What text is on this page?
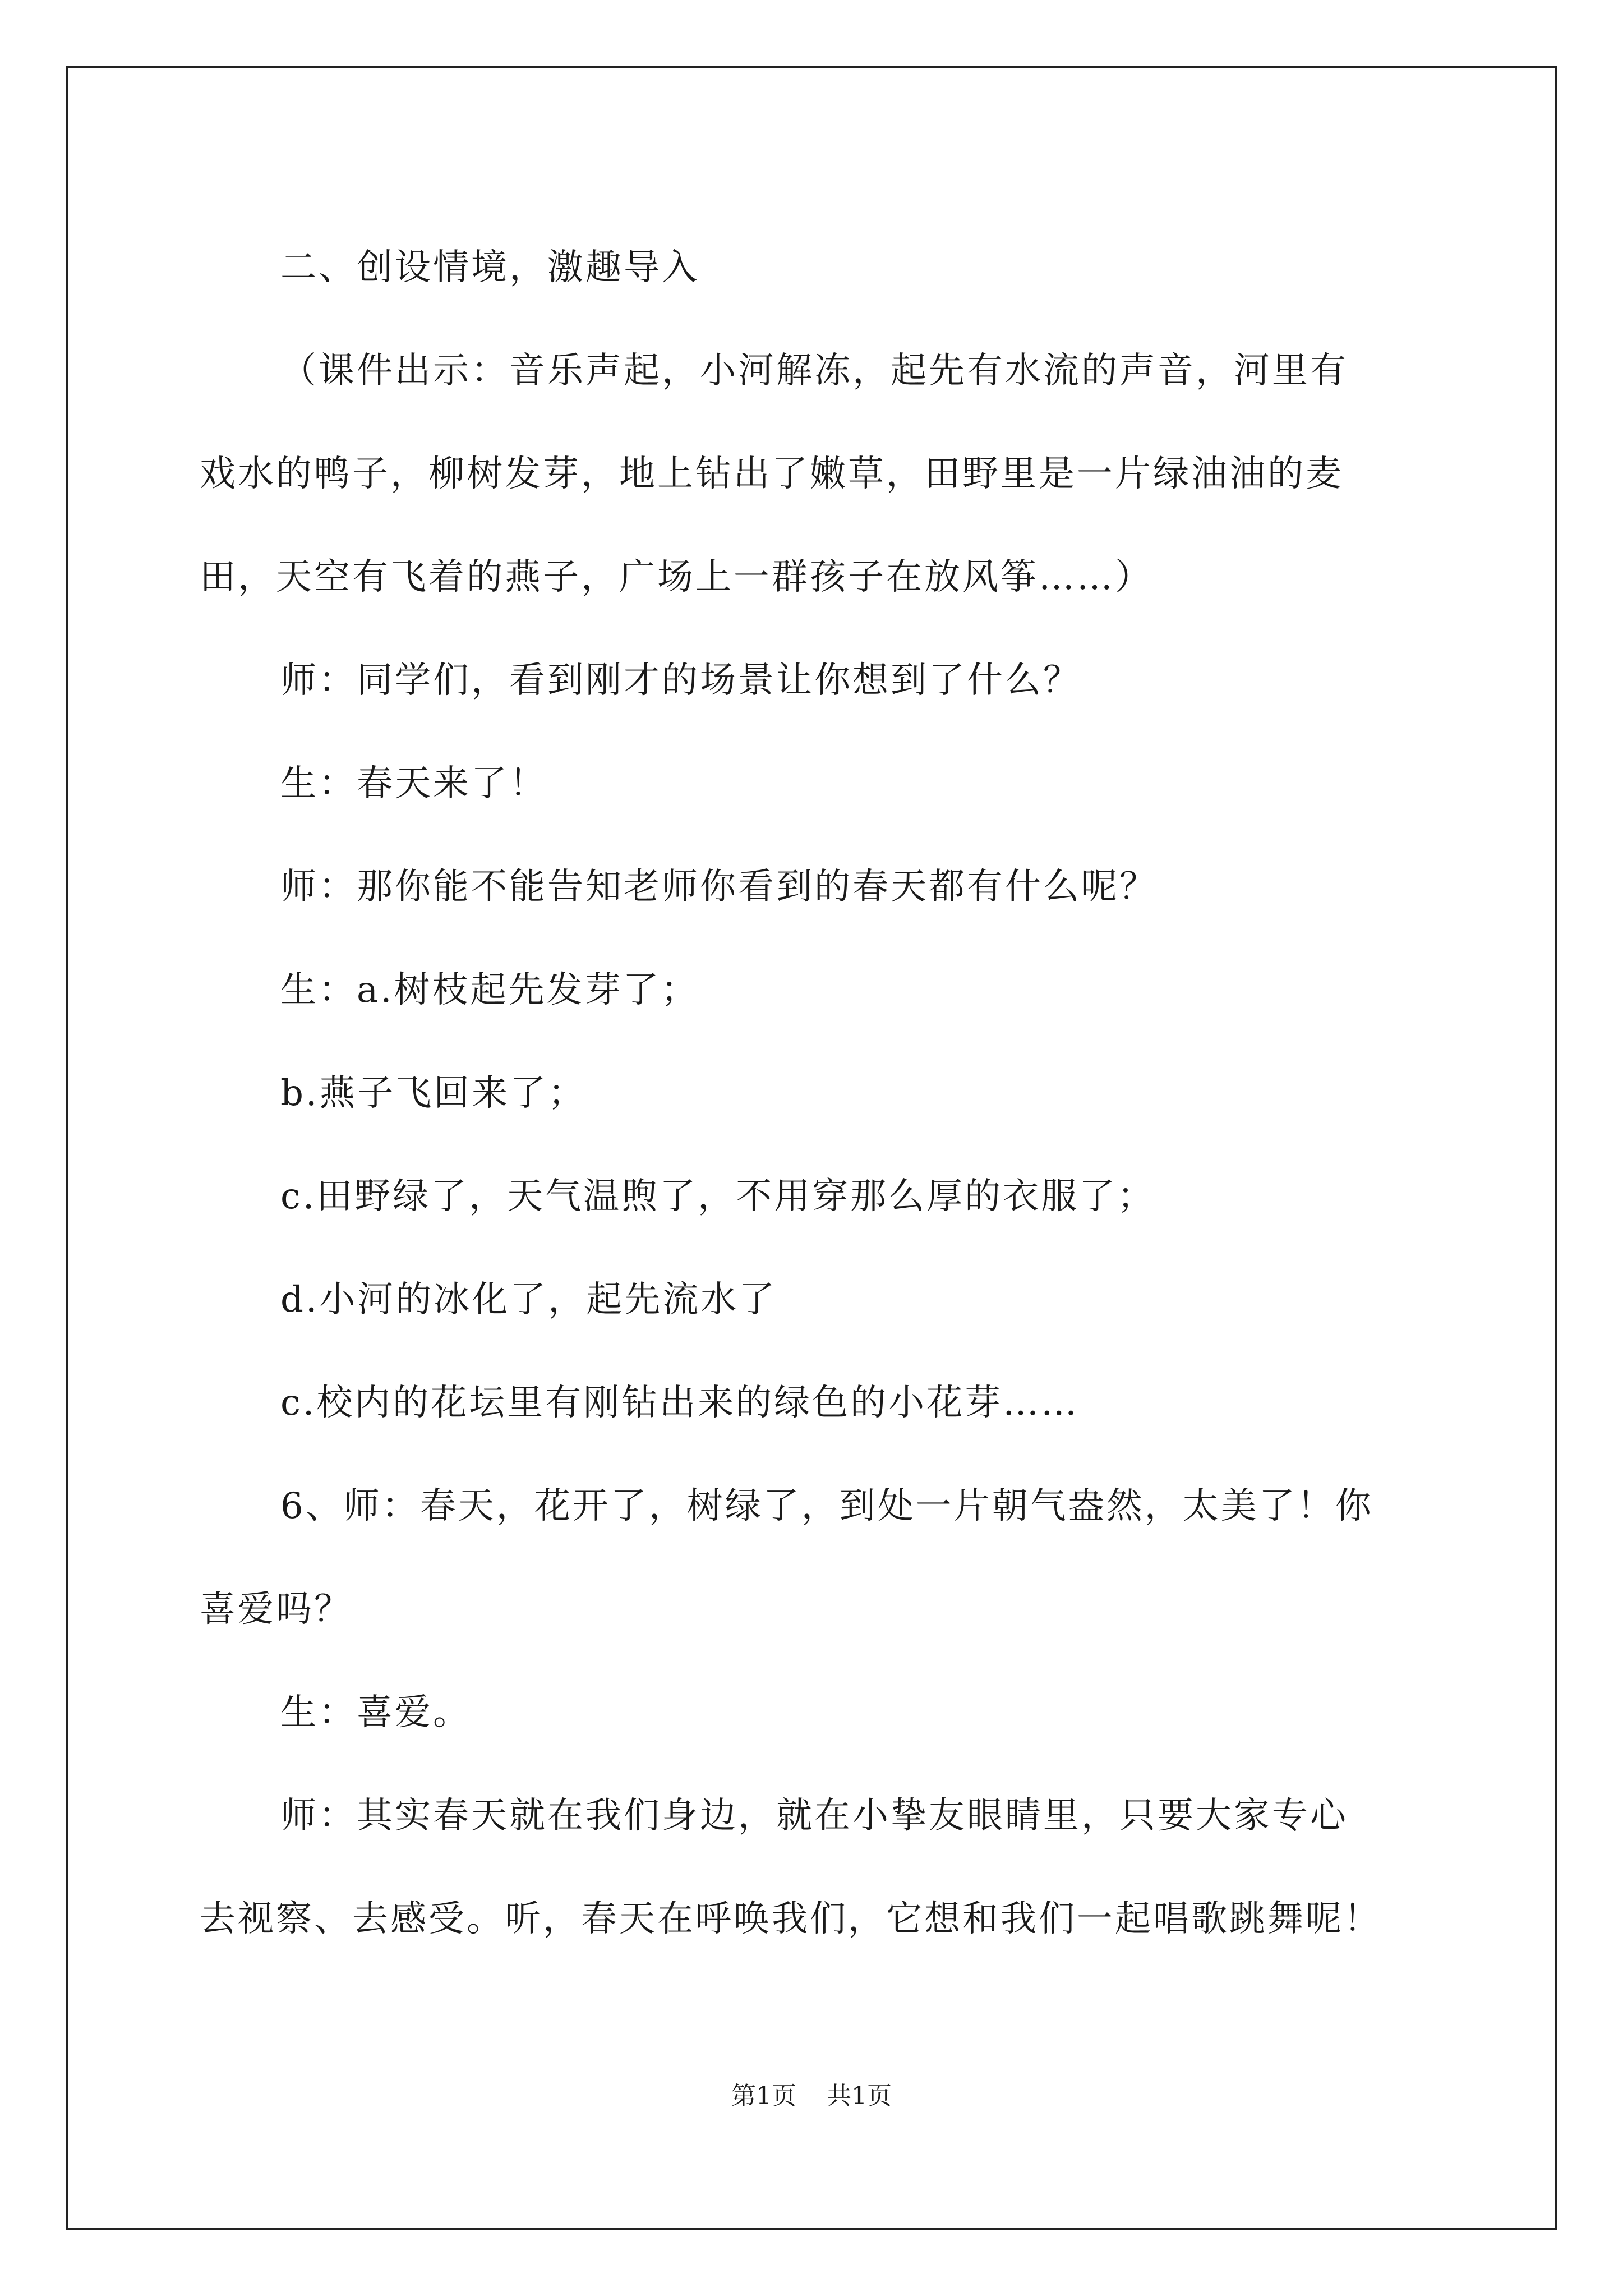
二、创设情境，激趣导入

（课件出示：音乐声起，小河解冻，起先有水流的声音，河里有

戏水的鸭子，柳树发芽，地上钻出了嫩草，田野里是一片绿油油的麦

田，天空有飞着的燕子，广场上一群孩子在放风筝……）

师：同学们，看到刚才的场景让你想到了什么？

生：春天来了！

师：那你能不能告知老师你看到的春天都有什么呢？

生：a.树枝起先发芽了；

b.燕子飞回来了；

c.田野绿了，天气温煦了，不用穿那么厚的衣服了；

d.小河的冰化了，起先流水了

c.校内的花坛里有刚钻出来的绿色的小花芽……

6、师：春天，花开了，树绿了，到处一片朝气盎然，太美了！你

喜爱吗？

生：喜爱。

师：其实春天就在我们身边，就在小挚友眼睛里，只要大家专心

去视察、去感受。听，春天在呼唤我们，它想和我们一起唱歌跳舞呢！

第1页 共1页
